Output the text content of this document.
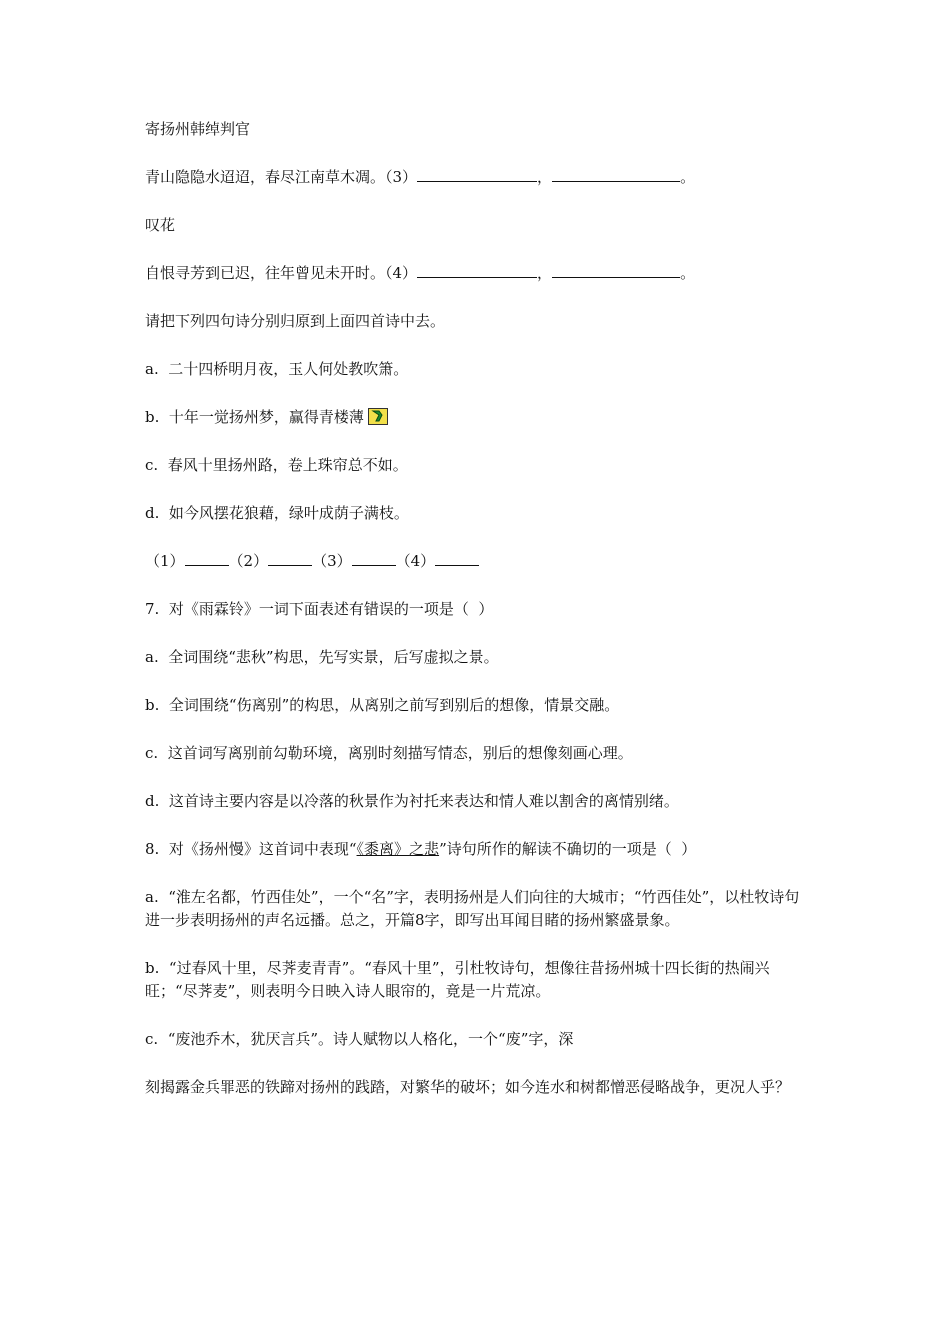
寄扬州韩绰判官

青山隐隐水迢迢，春尽江南草木凋。（3）	，	。

叹花

自恨寻芳到已迟，往年曾见未开时。（4）	，	。

请把下列四句诗分别归原到上面四首诗中去。

a.  二十四桥明月夜，玉人何处教吹箫。

b.  十年一觉扬州梦，赢得青楼薄

c.  春风十里扬州路，卷上珠帘总不如。

d.  如今风摆花狼藉，绿叶成荫子满枝。

（1）	（2）	（3）	（4）

7.  对《雨霖铃》一词下面表述有错误的一项是（  ）

a.  全词围绕“悲秋”构思，先写实景，后写虚拟之景。

b.  全词围绕“伤离别”的构思，从离别之前写到别后的想像，情景交融。

c.  这首词写离别前勾勒环境，离别时刻描写情态，别后的想像刻画心理。

d.  这首诗主要内容是以冷落的秋景作为衬托来表达和情人难以割舍的离情别绪。

8.  对《扬州慢》这首词中表现“《黍离》之悲”诗句所作的解读不确切的一项是（  ）

a.  “淮左名都，竹西佳处”，一个“名”字，表明扬州是人们向往的大城市；“竹西佳处”，以杜牧诗句进一步表明扬州的声名远播。总之，开篇8字，即写出耳闻目睹的扬州繁盛景象。

b.  “过春风十里，尽荠麦青青”。“春风十里”，引杜牧诗句，想像往昔扬州城十四长街的热闹兴旺；“尽荠麦”，则表明今日映入诗人眼帘的，竟是一片荒凉。

c.  “废池乔木，犹厌言兵”。诗人赋物以人格化，一个“废”字，深

刻揭露金兵罪恶的铁蹄对扬州的践踏，对繁华的破坏；如今连水和树都憎恶侵略战争，更况人乎？
